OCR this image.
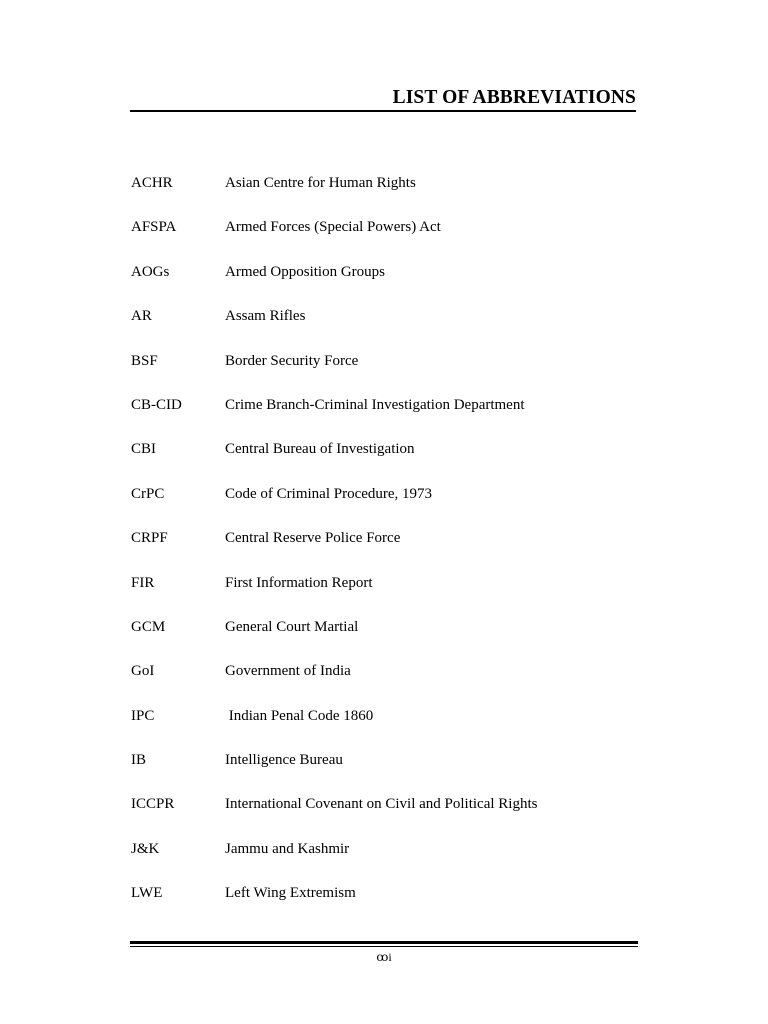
LIST OF ABBREVIATIONS
ACHR	Asian Centre for Human Rights
AFSPA	Armed Forces (Special Powers) Act
AOGs	Armed Opposition Groups
AR	Assam Rifles
BSF	Border Security Force
CB-CID	Crime Branch-Criminal Investigation Department
CBI	Central Bureau of Investigation
CrPC	Code of Criminal Procedure, 1973
CRPF	Central Reserve Police Force
FIR	First Information Report
GCM	General Court Martial
GoI	Government of India
IPC	Indian Penal Code 1860
IB	Intelligence Bureau
ICCPR	International Covenant on Civil and Political Rights
J&K	Jammu and Kashmir
LWE	Left Wing Extremism
ꝏi
